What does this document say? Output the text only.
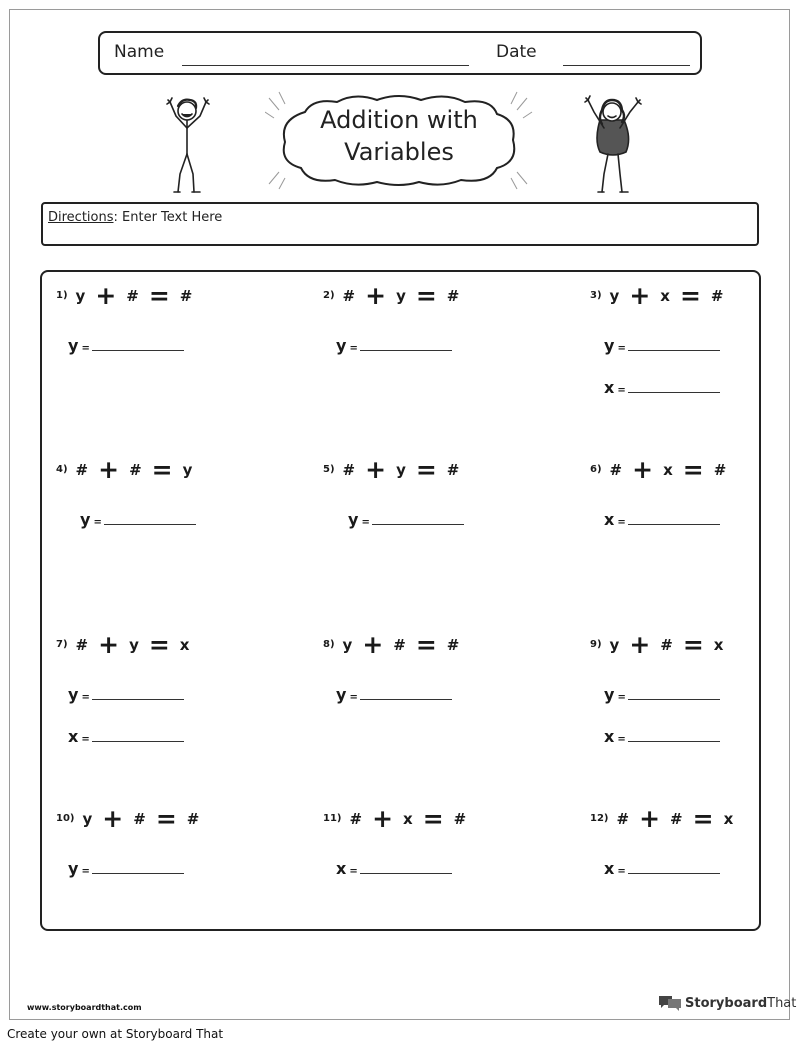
Name	Date
Addition with
Variables
Directions: Enter Text Here
1) y + # = #
y =
2) # + y = #
y =
3) y + x = #
y =
x =
4) # + # = y
y =
5) # + y = #
y =
6) # + x = #
x =
7) # + y = x
y =
x =
8) y + # = #
y =
9) y + # = x
y =
x =
10) y + # = #
y =
11) # + x = #
x =
12) # + # = x
x =
www.storyboardthat.com	StoryboardThat
Create your own at Storyboard That
